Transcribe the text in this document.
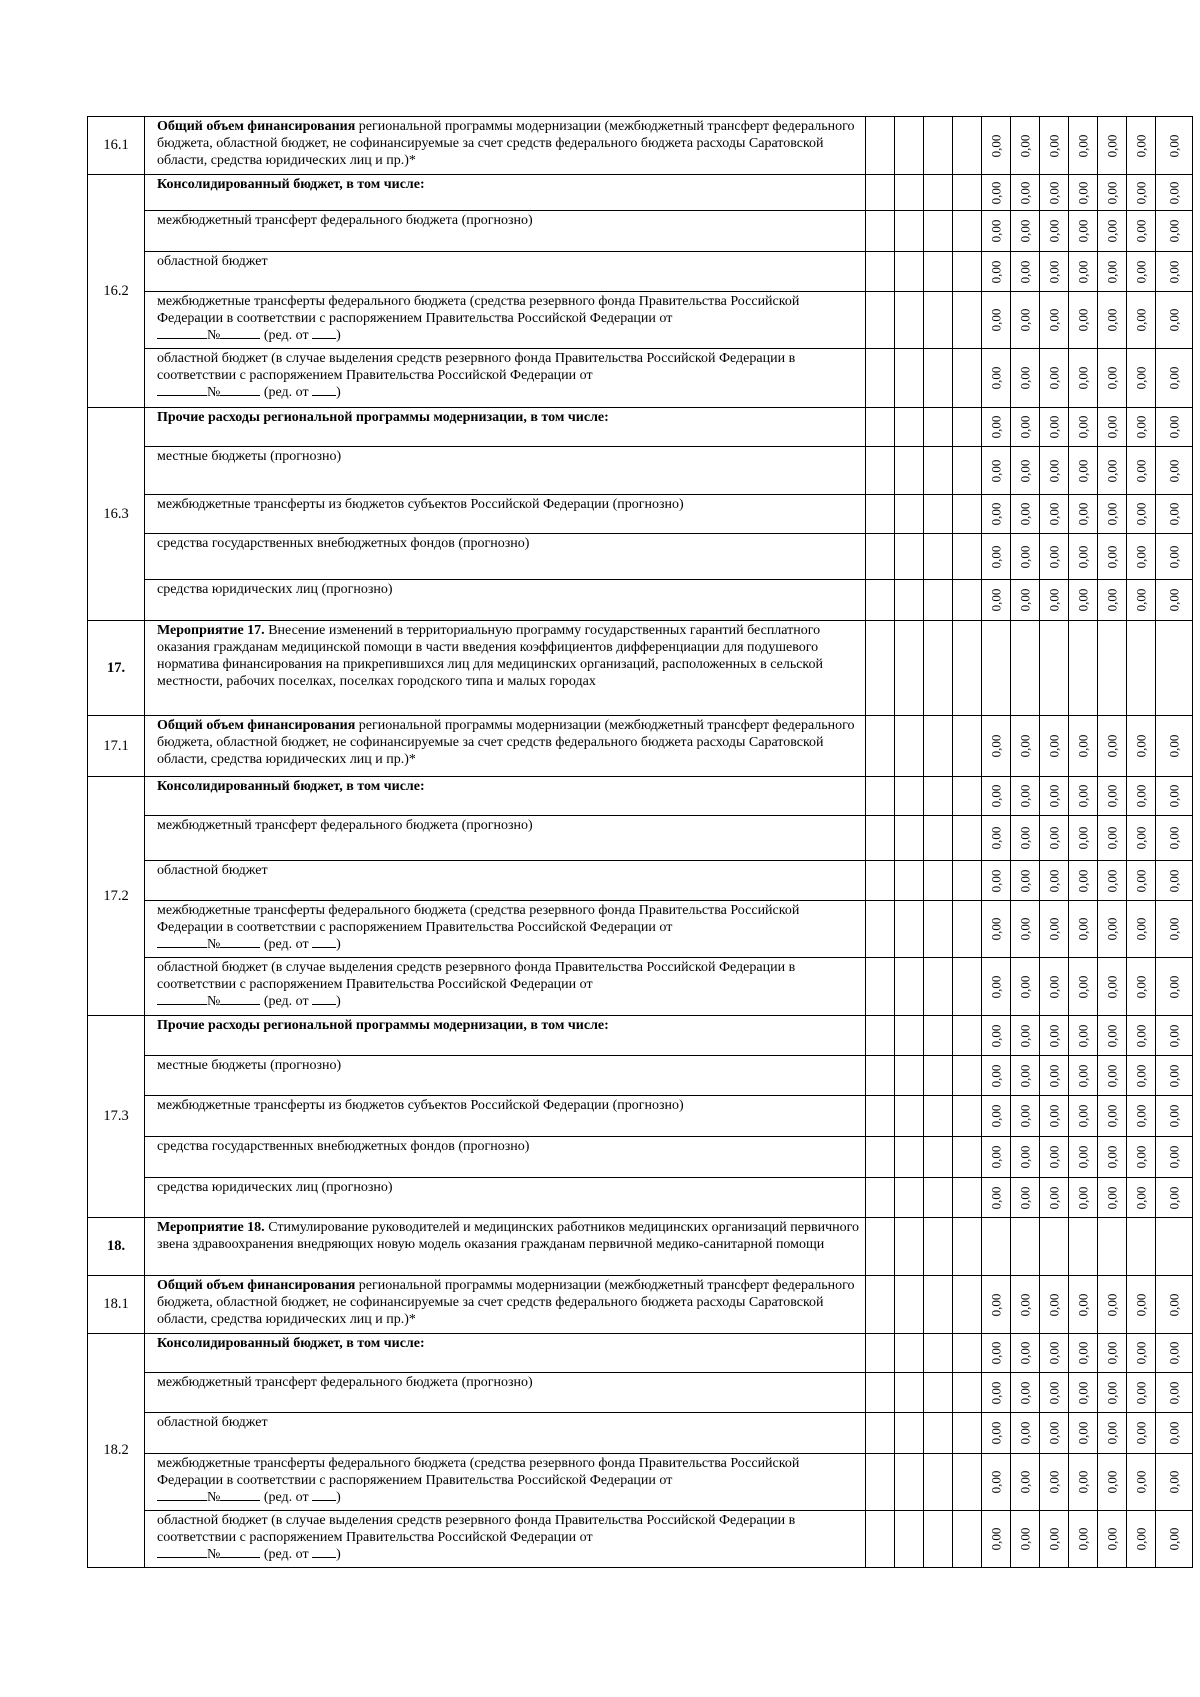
16.1	Общий объем финансирования региональной программы модернизации (межбюджетный трансферт федерального бюджета, областной бюджет, не софинансируемые за счет средств федерального бюджета расходы Саратовской области, средства юридических лиц и пр.)*					0,00	0,00	0,00	0,00	0,00	0,00	0,00
16.2	Консолидированный бюджет, в том числе:					0,00	0,00	0,00	0,00	0,00	0,00	0,00
	межбюджетный трансферт федерального бюджета (прогнозно)					0,00	0,00	0,00	0,00	0,00	0,00	0,00
	областной бюджет					0,00	0,00	0,00	0,00	0,00	0,00	0,00
	межбюджетные трансферты федерального бюджета (средства резервного фонда Правительства Российской Федерации в соответствии с распоряжением Правительства Российской Федерации от
№ (ред. от )					0,00	0,00	0,00	0,00	0,00	0,00	0,00
	областной бюджет (в случае выделения средств резервного фонда Правительства Российской Федерации в соответствии с распоряжением Правительства Российской Федерации от
№ (ред. от )					0,00	0,00	0,00	0,00	0,00	0,00	0,00
16.3	Прочие расходы региональной программы модернизации, в том числе:					0,00	0,00	0,00	0,00	0,00	0,00	0,00
	местные бюджеты (прогнозно)					0,00	0,00	0,00	0,00	0,00	0,00	0,00
	межбюджетные трансферты из бюджетов субъектов Российской Федерации (прогнозно)					0,00	0,00	0,00	0,00	0,00	0,00	0,00
	средства государственных внебюджетных фондов (прогнозно)					0,00	0,00	0,00	0,00	0,00	0,00	0,00
	средства юридических лиц (прогнозно)					0,00	0,00	0,00	0,00	0,00	0,00	0,00
17.	Мероприятие 17. Внесение изменений в территориальную программу государственных гарантий бесплатного оказания гражданам медицинской помощи в части введения коэффициентов дифференциации для подушевого норматива финансирования на прикрепившихся лиц для медицинских организаций, расположенных в сельской местности, рабочих поселках, поселках городского типа и малых городах											
17.1	Общий объем финансирования региональной программы модернизации (межбюджетный трансферт федерального бюджета, областной бюджет, не софинансируемые за счет средств федерального бюджета расходы Саратовской области, средства юридических лиц и пр.)*					0,00	0,00	0,00	0,00	0,00	0,00	0,00
17.2	Консолидированный бюджет, в том числе:					0,00	0,00	0,00	0,00	0,00	0,00	0,00
	межбюджетный трансферт федерального бюджета (прогнозно)					0,00	0,00	0,00	0,00	0,00	0,00	0,00
	областной бюджет					0,00	0,00	0,00	0,00	0,00	0,00	0,00
	межбюджетные трансферты федерального бюджета (средства резервного фонда Правительства Российской Федерации в соответствии с распоряжением Правительства Российской Федерации от
№ (ред. от )					0,00	0,00	0,00	0,00	0,00	0,00	0,00
	областной бюджет (в случае выделения средств резервного фонда Правительства Российской Федерации в соответствии с распоряжением Правительства Российской Федерации от
№ (ред. от )					0,00	0,00	0,00	0,00	0,00	0,00	0,00
17.3	Прочие расходы региональной программы модернизации, в том числе:					0,00	0,00	0,00	0,00	0,00	0,00	0,00
	местные бюджеты (прогнозно)					0,00	0,00	0,00	0,00	0,00	0,00	0,00
	межбюджетные трансферты из бюджетов субъектов Российской Федерации (прогнозно)					0,00	0,00	0,00	0,00	0,00	0,00	0,00
	средства государственных внебюджетных фондов (прогнозно)					0,00	0,00	0,00	0,00	0,00	0,00	0,00
	средства юридических лиц (прогнозно)					0,00	0,00	0,00	0,00	0,00	0,00	0,00
18.	Мероприятие 18. Стимулирование руководителей и медицинских работников медицинских организаций первичного звена здравоохранения внедряющих новую модель оказания гражданам первичной медико-санитарной помощи											
18.1	Общий объем финансирования региональной программы модернизации (межбюджетный трансферт федерального бюджета, областной бюджет, не софинансируемые за счет средств федерального бюджета расходы Саратовской области, средства юридических лиц и пр.)*					0,00	0,00	0,00	0,00	0,00	0,00	0,00
18.2	Консолидированный бюджет, в том числе:					0,00	0,00	0,00	0,00	0,00	0,00	0,00
	межбюджетный трансферт федерального бюджета (прогнозно)					0,00	0,00	0,00	0,00	0,00	0,00	0,00
	областной бюджет					0,00	0,00	0,00	0,00	0,00	0,00	0,00
	межбюджетные трансферты федерального бюджета (средства резервного фонда Правительства Российской Федерации в соответствии с распоряжением Правительства Российской Федерации от
№ (ред. от )					0,00	0,00	0,00	0,00	0,00	0,00	0,00
	областной бюджет (в случае выделения средств резервного фонда Правительства Российской Федерации в соответствии с распоряжением Правительства Российской Федерации от
№ (ред. от )					0,00	0,00	0,00	0,00	0,00	0,00	0,00
